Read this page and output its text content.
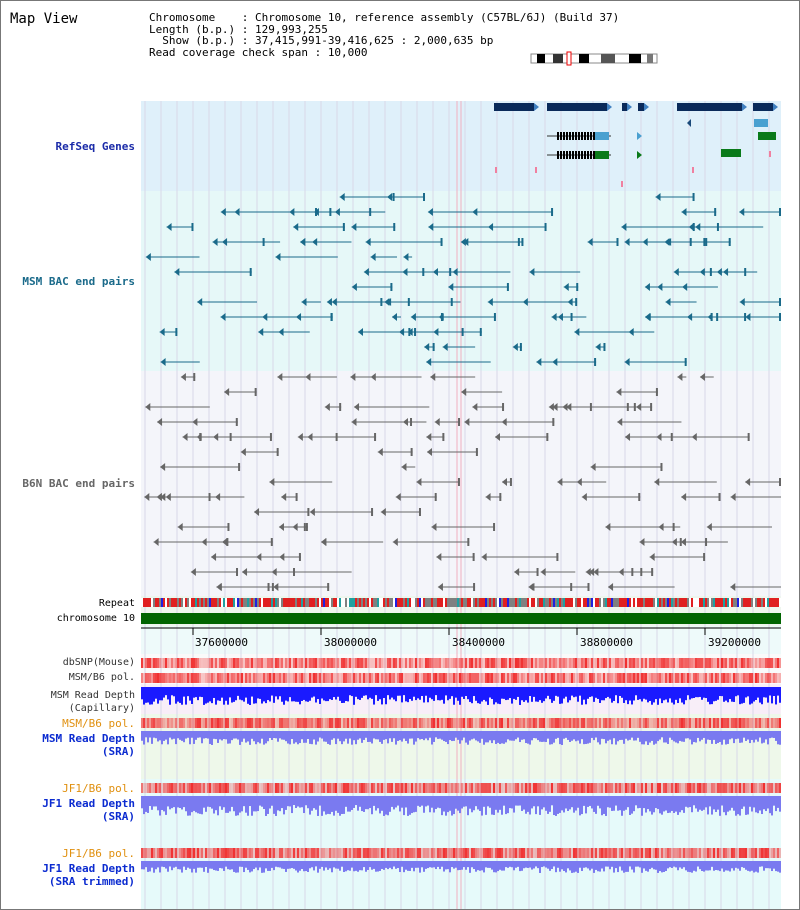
Map View	Chromosome    : Chromosome 10, reference assembly (C57BL/6J) (Build 37)
Length (b.p.) : 129,993,255
Show (b.p.) : 37,415,991-39,416,625 : 2,000,635 bp
Read coverage check span : 10,000
RefSeq Genes
MSM BAC end pairs
B6N BAC end pairs
Repeat
chromosome 10
37600000	38000000	38400000	38800000	39200000
dbSNP(Mouse)
MSM/B6 pol.
MSM Read Depth
(Capillary)
MSM/B6 pol.
MSM Read Depth
(SRA)
JF1/B6 pol.
JF1 Read Depth
(SRA)
JF1/B6 pol.
JF1 Read Depth
(SRA trimmed)
